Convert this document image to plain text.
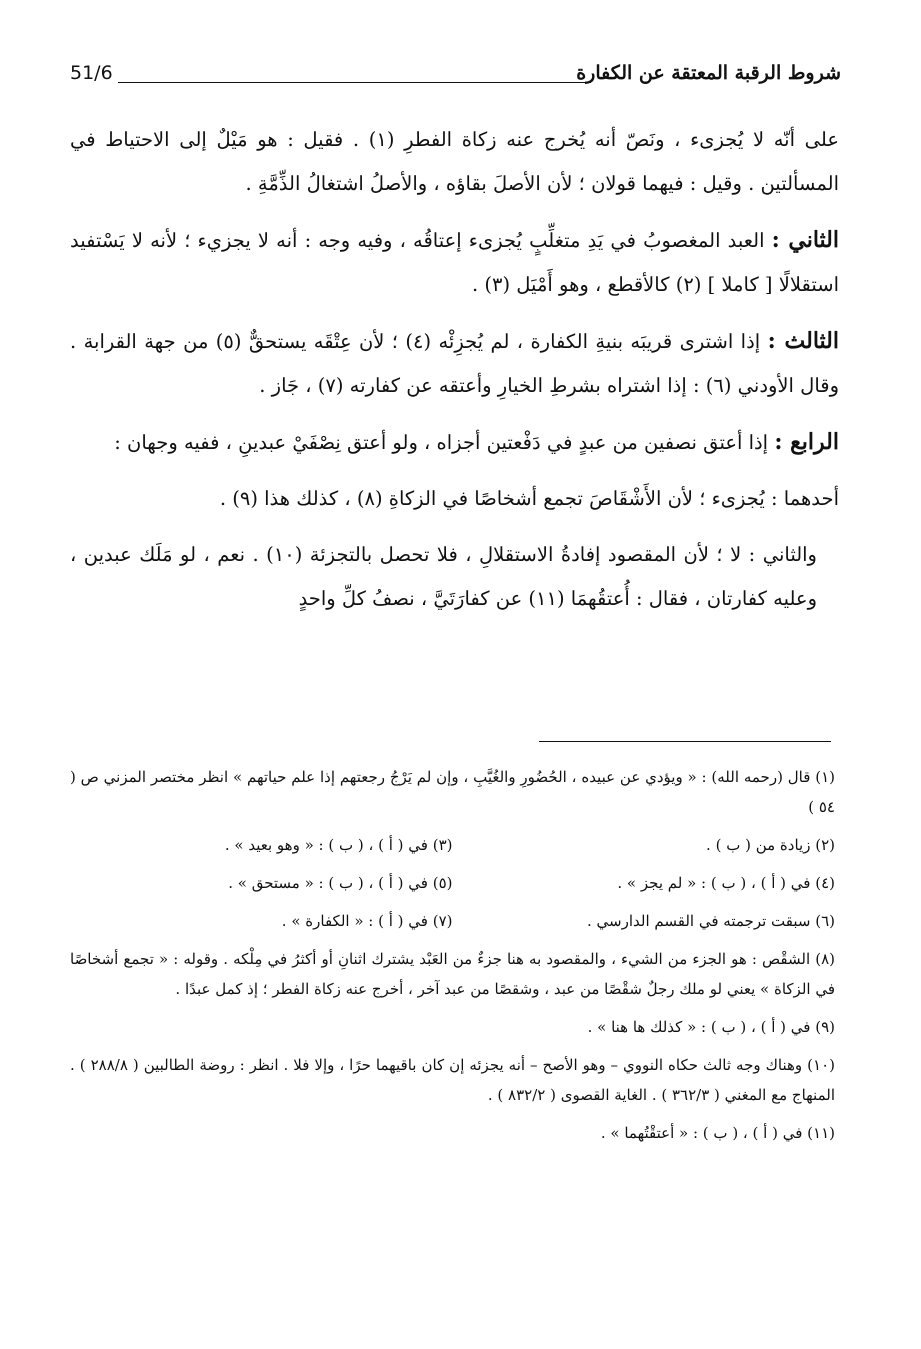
شروط الرقبة المعتقة عن الكفارة
51/6

على أنّه لا يُجزىء ، ونَصّ أنه يُخرج عنه زكاة الفطرِ (١) . فقيل : هو مَيْلٌ إلى الاحتياط في المسألتين . وقيل : فيهما قولان ؛ لأن الأصلَ بقاؤه ، والأصلُ اشتغالُ الذِّمَّةِ .

الثاني : العبد المغصوبُ في يَدِ متغلِّبٍ يُجزىء إعتاقُه ، وفيه وجه : أنه لا يجزيء ؛ لأنه لا يَسْتفيد استقلالًا [ كاملا ] (٢) كالأقطع ، وهو أَمْيَل (٣) .

الثالث : إذا اشترى قريبَه بنيةِ الكفارة ، لم يُجزِئْه (٤) ؛ لأن عِتْقَه يستحقٌّ (٥) من جهة القرابة . وقال الأودني (٦) : إذا اشتراه بشرطِ الخيارِ وأعتقه عن كفارته (٧) ، جَاز .

الرابع : إذا أعتق نصفين من عبدٍ في دَفْعتين أجزاه ، ولو أعتق نِصْفَيْ عبدينِ ، ففيه وجهان :

أحدهما : يُجزىء ؛ لأن الأَشْقَاصَ تجمع أشخاصًا في الزكاةِ (٨) ، كذلك هذا (٩) .

والثاني : لا ؛ لأن المقصود إفادةُ الاستقلالِ ، فلا تحصل بالتجزئة (١٠) . نعم ، لو مَلَك عبدين ، وعليه كفارتان ، فقال : أُعتقُهمَا (١١) عن كفارَتَيَّ ، نصفُ كلِّ واحدٍ

(١) قال (رحمه الله) : « ويؤدي عن عبيده ، الحُضُورِ والغُيَّبِ ، وإن لم يَرْجُ رجعتهم إذا علم حياتهم » انظر مختصر المزني ص ( ٥٤ )

(٢) زيادة من ( ب ) .
(٣) في ( أ ) ، ( ب ) : « وهو بعيد » .
(٤) في ( أ ) ، ( ب ) : « لم يجز » .
(٥) في ( أ ) ، ( ب ) : « مستحق » .
(٦) سبقت ترجمته في القسم الدارسي .
(٧) في ( أ ) : « الكفارة » .

(٨) الشقْص : هو الجزء من الشيء ، والمقصود به هنا جزءٌ من العَبْد يشترك اثنانِ أو أكثرُ في مِلْكه . وقوله : « تجمع أشخاصًا في الزكاة » يعني لو ملك رجلٌ شقْصًا من عبد ، وشقصًا من عبد آخر ، أخرج عنه زكاة الفطر ؛ إذ كمل عبدًا .

(٩) في ( أ ) ، ( ب ) : « كذلك ها هنا » .

(١٠) وهناك وجه ثالث حكاه النووي – وهو الأصح – أنه يجزئه إن كان باقيهما حرًا ، وإلا فلا . انظر : روضة الطالبين ( ٢٨٨/٨ ) . المنهاج مع المغني ( ٣٦٢/٣ ) . الغاية القصوى ( ٨٣٢/٢ ) .

(١١) في ( أ ) ، ( ب ) : « أعتقْتُهما » .
